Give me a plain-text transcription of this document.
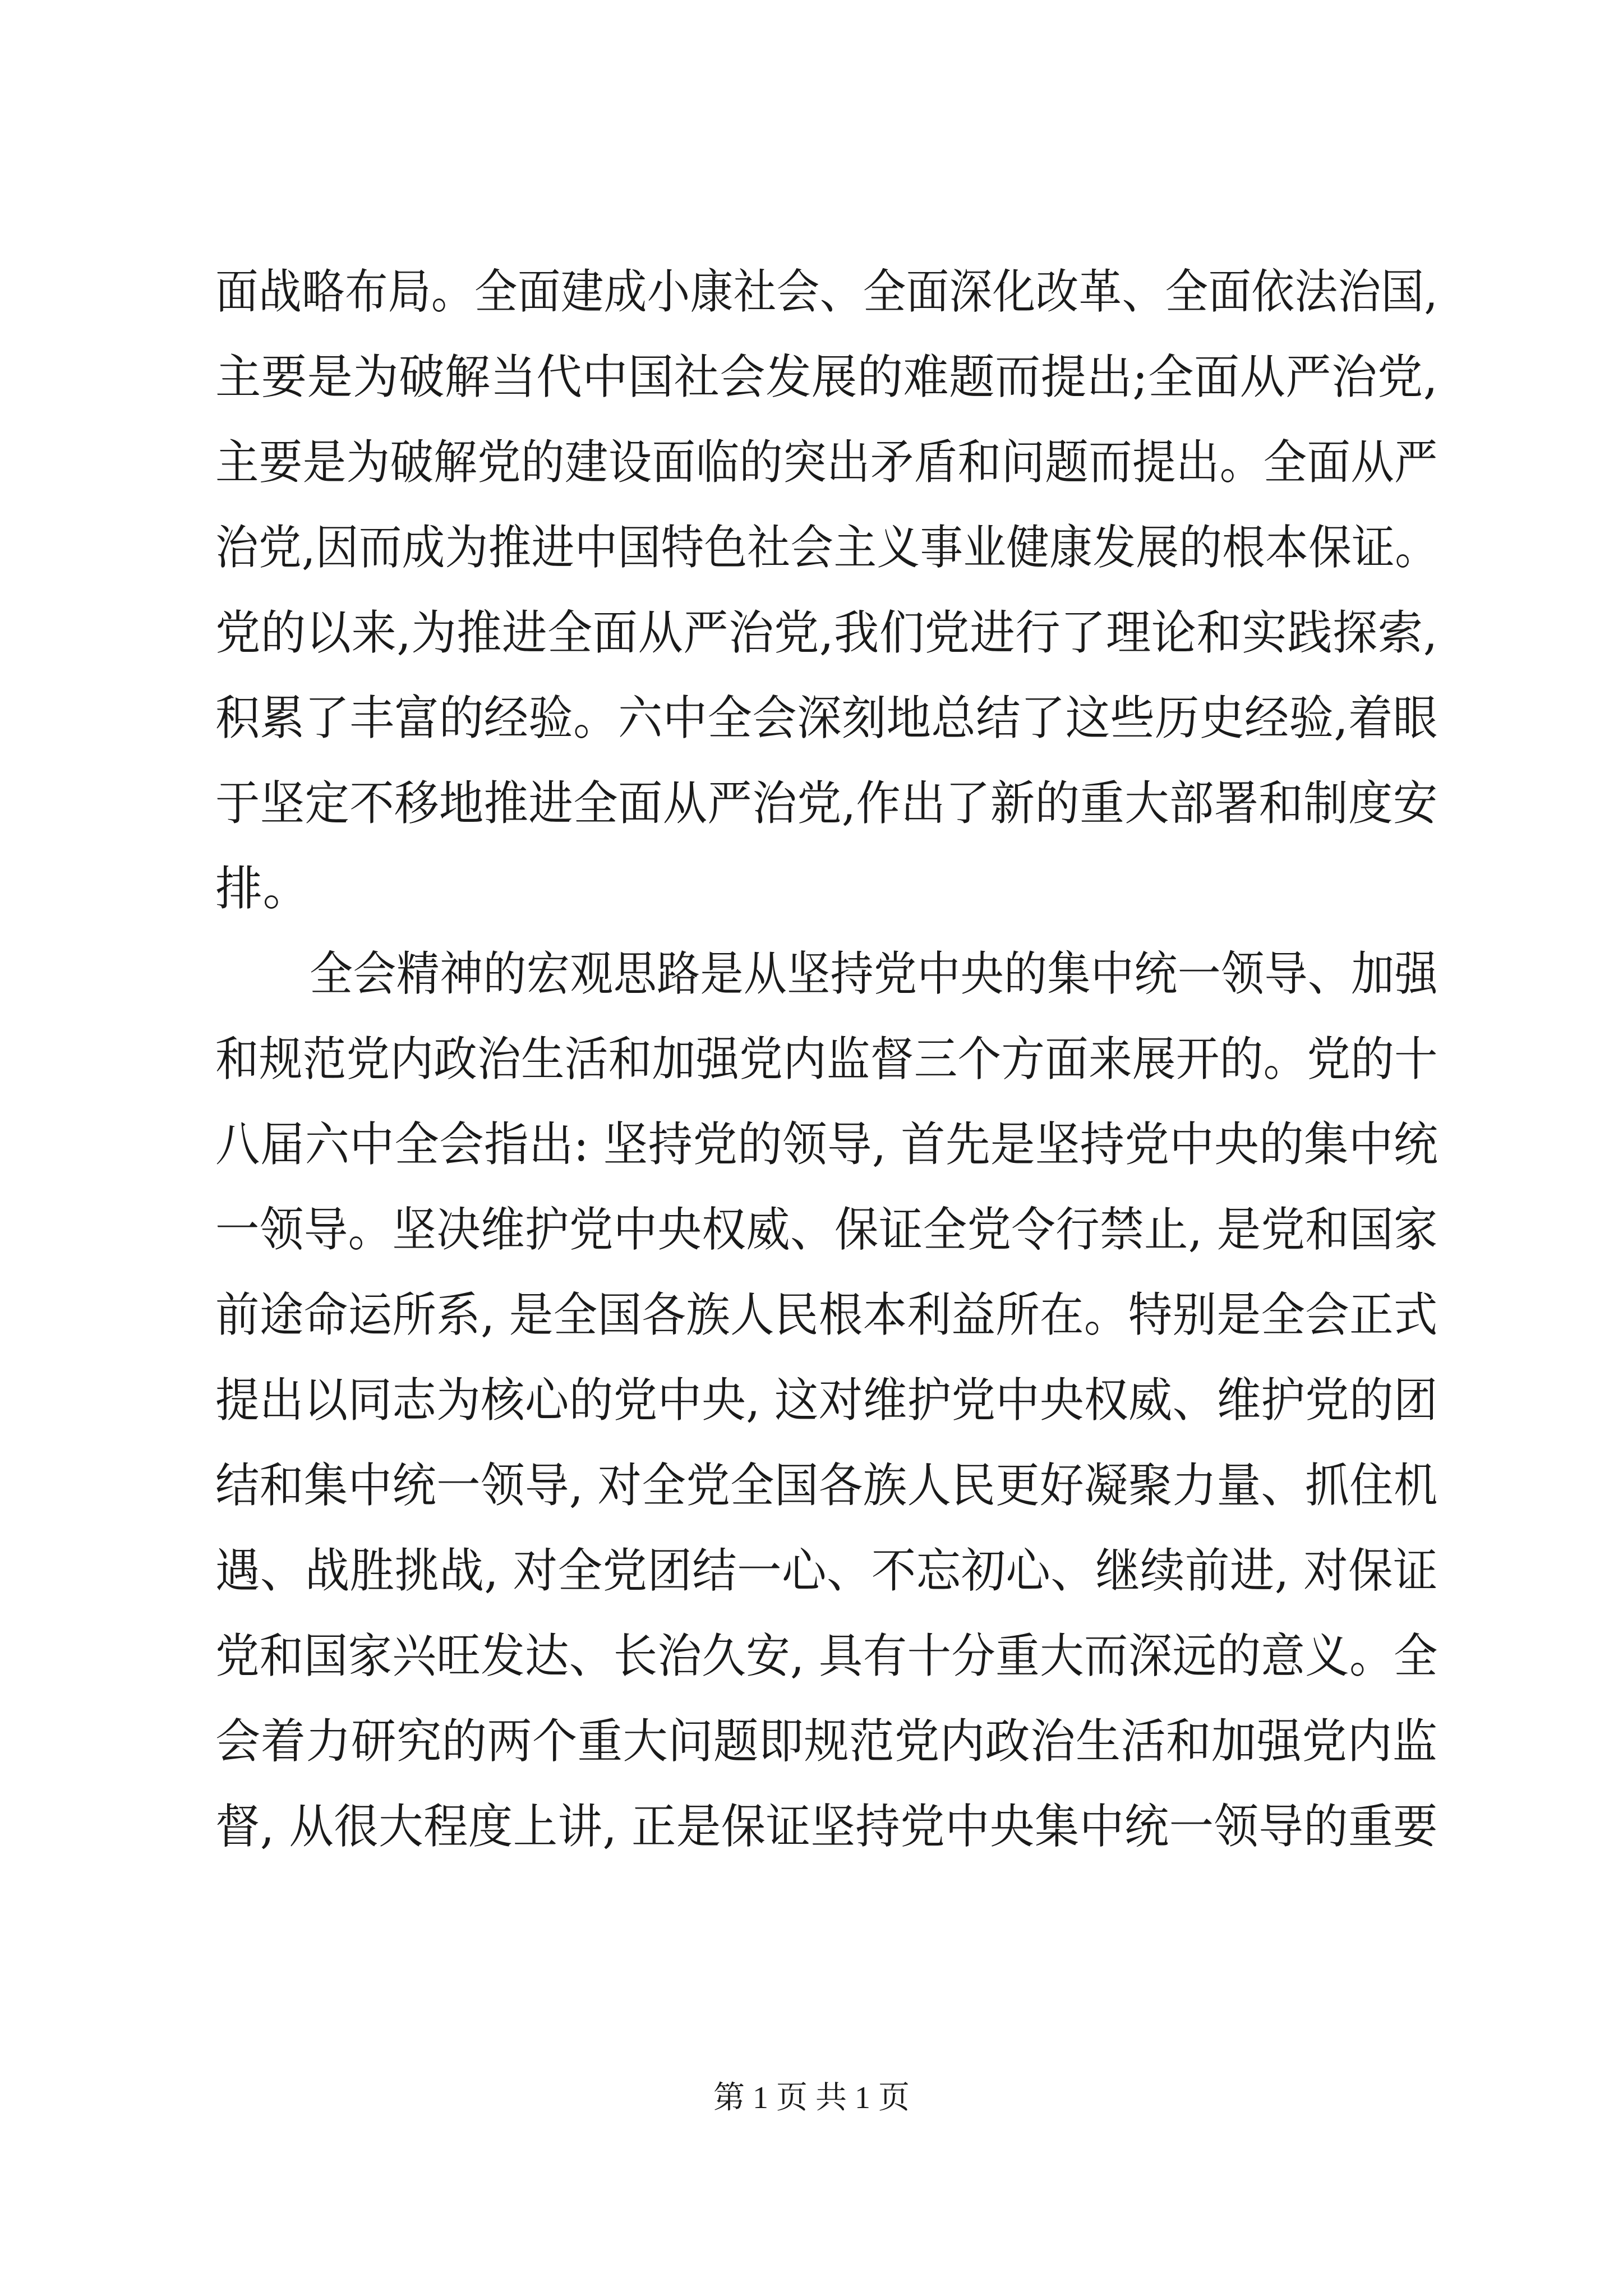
面战略布局。全面建成小康社会、全面深化改革、全面依法治国,
主要是为破解当代中国社会发展的难题而提出;全面从严治党,
主要是为破解党的建设面临的突出矛盾和问题而提出。全面从严
治党,因而成为推进中国特色社会主义事业健康发展的根本保证。
党的以来,为推进全面从严治党,我们党进行了理论和实践探索,
积累了丰富的经验。六中全会深刻地总结了这些历史经验,着眼
于坚定不移地推进全面从严治党,作出了新的重大部署和制度安
排。
全会精神的宏观思路是从坚持党中央的集中统一领导、加强
和规范党内政治生活和加强党内监督三个方面来展开的。党的十
八届六中全会指出: 坚持党的领导, 首先是坚持党中央的集中统
一领导。坚决维护党中央权威、保证全党令行禁止, 是党和国家
前途命运所系, 是全国各族人民根本利益所在。特别是全会正式
提出以同志为核心的党中央, 这对维护党中央权威、维护党的团
结和集中统一领导, 对全党全国各族人民更好凝聚力量、抓住机
遇、战胜挑战, 对全党团结一心、不忘初心、继续前进, 对保证
党和国家兴旺发达、长治久安, 具有十分重大而深远的意义。全
会着力研究的两个重大问题即规范党内政治生活和加强党内监
督, 从很大程度上讲, 正是保证坚持党中央集中统一领导的重要
第 1 页 共 1 页
